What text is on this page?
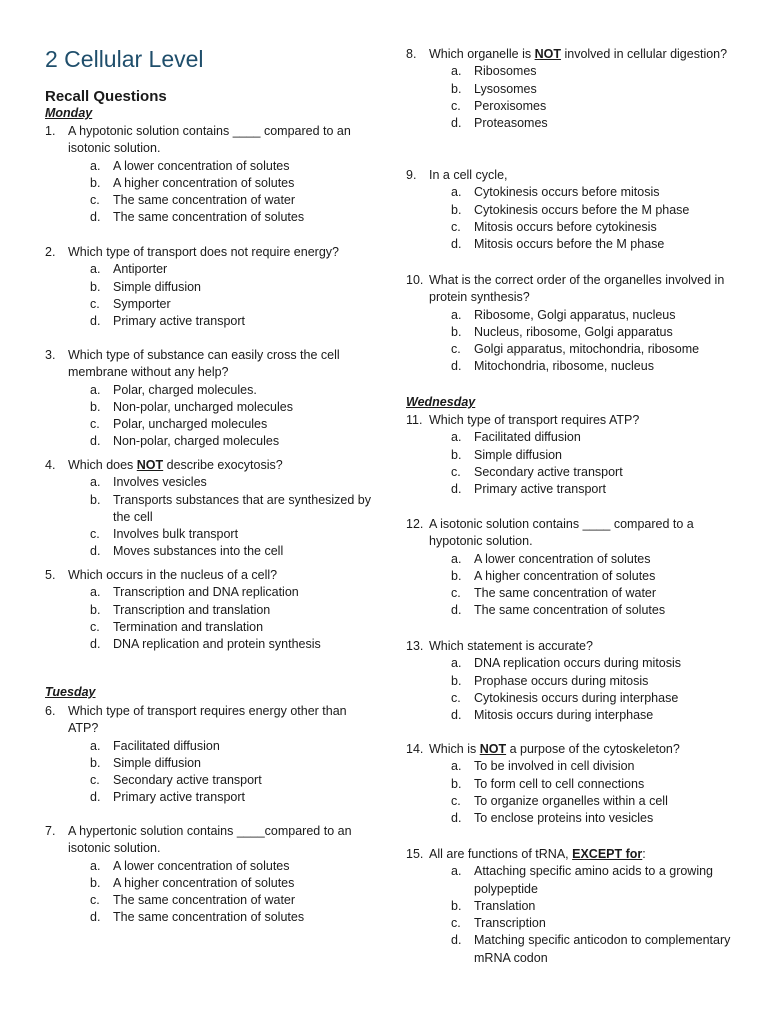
2 Cellular Level
Recall Questions
Monday
Tuesday
Wednesday

1. A hypotonic solution contains ____ compared to an isotonic solution.

a. A lower concentration of solutes
b. A higher concentration of solutes
c. The same concentration of water
d. The same concentration of solutes

2. Which type of transport does not require energy?

a. Antiporter
b. Simple diffusion
c. Symporter
d. Primary active transport

3. Which type of substance can easily cross the cell membrane without any help?

a. Polar, charged molecules.
b. Non-polar, uncharged molecules
c. Polar, uncharged molecules
d. Non-polar, charged molecules

4. Which does NOT describe exocytosis?

a. Involves vesicles
b. Transports substances that are synthesized by the cell
c. Involves bulk transport
d. Moves substances into the cell

5. Which occurs in the nucleus of a cell?

a. Transcription and DNA replication
b. Transcription and translation
c. Termination and translation
d. DNA replication and protein synthesis

6. Which type of transport requires energy other than ATP?

a. Facilitated diffusion
b. Simple diffusion
c. Secondary active transport
d. Primary active transport

7. A hypertonic solution contains ____compared to an isotonic solution.

a. A lower concentration of solutes
b. A higher concentration of solutes
c. The same concentration of water
d. The same concentration of solutes

8. Which organelle is NOT involved in cellular digestion?

a. Ribosomes
b. Lysosomes
c. Peroxisomes
d. Proteasomes

9. In a cell cycle,

a. Cytokinesis occurs before mitosis
b. Cytokinesis occurs before the M phase
c. Mitosis occurs before cytokinesis
d. Mitosis occurs before the M phase

10. What is the correct order of the organelles involved in protein synthesis?

a. Ribosome, Golgi apparatus, nucleus
b. Nucleus, ribosome, Golgi apparatus
c. Golgi apparatus, mitochondria, ribosome
d. Mitochondria, ribosome, nucleus

11. Which type of transport requires ATP?

a. Facilitated diffusion
b. Simple diffusion
c. Secondary active transport
d. Primary active transport

12. A isotonic solution contains ____ compared to a hypotonic solution.

a. A lower concentration of solutes
b. A higher concentration of solutes
c. The same concentration of water
d. The same concentration of solutes

13. Which statement is accurate?

a. DNA replication occurs during mitosis
b. Prophase occurs during mitosis
c. Cytokinesis occurs during interphase
d. Mitosis occurs during interphase

14. Which is NOT a purpose of the cytoskeleton?

a. To be involved in cell division
b. To form cell to cell connections
c. To organize organelles within a cell
d. To enclose proteins into vesicles

15. All are functions of tRNA, EXCEPT for:

a. Attaching specific amino acids to a growing polypeptide
b. Translation
c. Transcription
d. Matching specific anticodon to complementary mRNA codon
